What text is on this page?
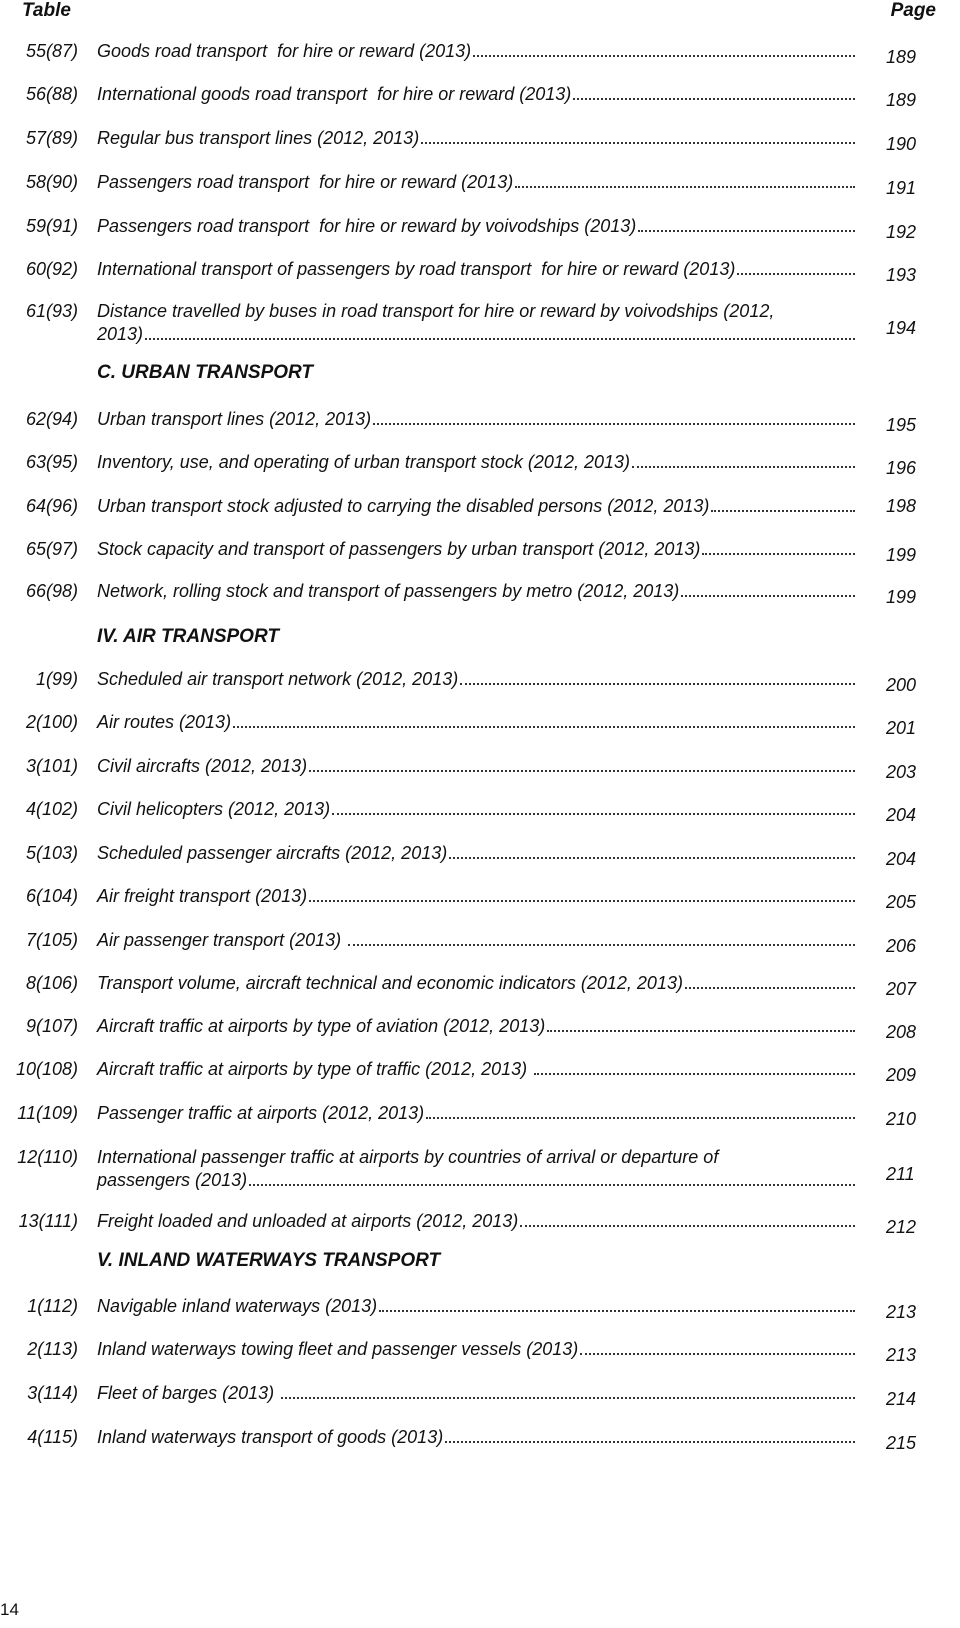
Table	Page
C. URBAN TRANSPORT
IV. AIR TRANSPORT
V. INLAND WATERWAYS TRANSPORT
55(87) Goods road transport  for hire or reward (2013)	189
56(88) International goods road transport  for hire or reward (2013)	189
57(89) Regular bus transport lines (2012, 2013)	190
58(90) Passengers road transport  for hire or reward (2013)	191
59(91) Passengers road transport  for hire or reward by voivodships (2013)	192
60(92) International transport of passengers by road transport  for hire or reward (2013)	193
61(93) Distance travelled by buses in road transport for hire or reward by voivodships (2012,
2013)	194
62(94) Urban transport lines (2012, 2013)	195
63(95) Inventory, use, and operating of urban transport stock (2012, 2013)	196
64(96) Urban transport stock adjusted to carrying the disabled persons (2012, 2013)	198
65(97) Stock capacity and transport of passengers by urban transport (2012, 2013)	199
66(98) Network, rolling stock and transport of passengers by metro (2012, 2013)	199
1(99) Scheduled air transport network (2012, 2013)	200
2(100) Air routes (2013)	201
3(101) Civil aircrafts (2012, 2013)	203
4(102) Civil helicopters (2012, 2013)	204
5(103) Scheduled passenger aircrafts (2012, 2013)	204
6(104) Air freight transport (2013)	205
7(105) Air passenger transport (2013)	206
8(106) Transport volume, aircraft technical and economic indicators (2012, 2013)	207
9(107) Aircraft traffic at airports by type of aviation (2012, 2013)	208
10(108) Aircraft traffic at airports by type of traffic (2012, 2013)	209
11(109) Passenger traffic at airports (2012, 2013)	210
12(110) International passenger traffic at airports by countries of arrival or departure of
passengers (2013)	211
13(111) Freight loaded and unloaded at airports (2012, 2013)	212
1(112) Navigable inland waterways (2013)	213
2(113) Inland waterways towing fleet and passenger vessels (2013)	213
3(114) Fleet of barges (2013)	214
4(115) Inland waterways transport of goods (2013)	215
14
